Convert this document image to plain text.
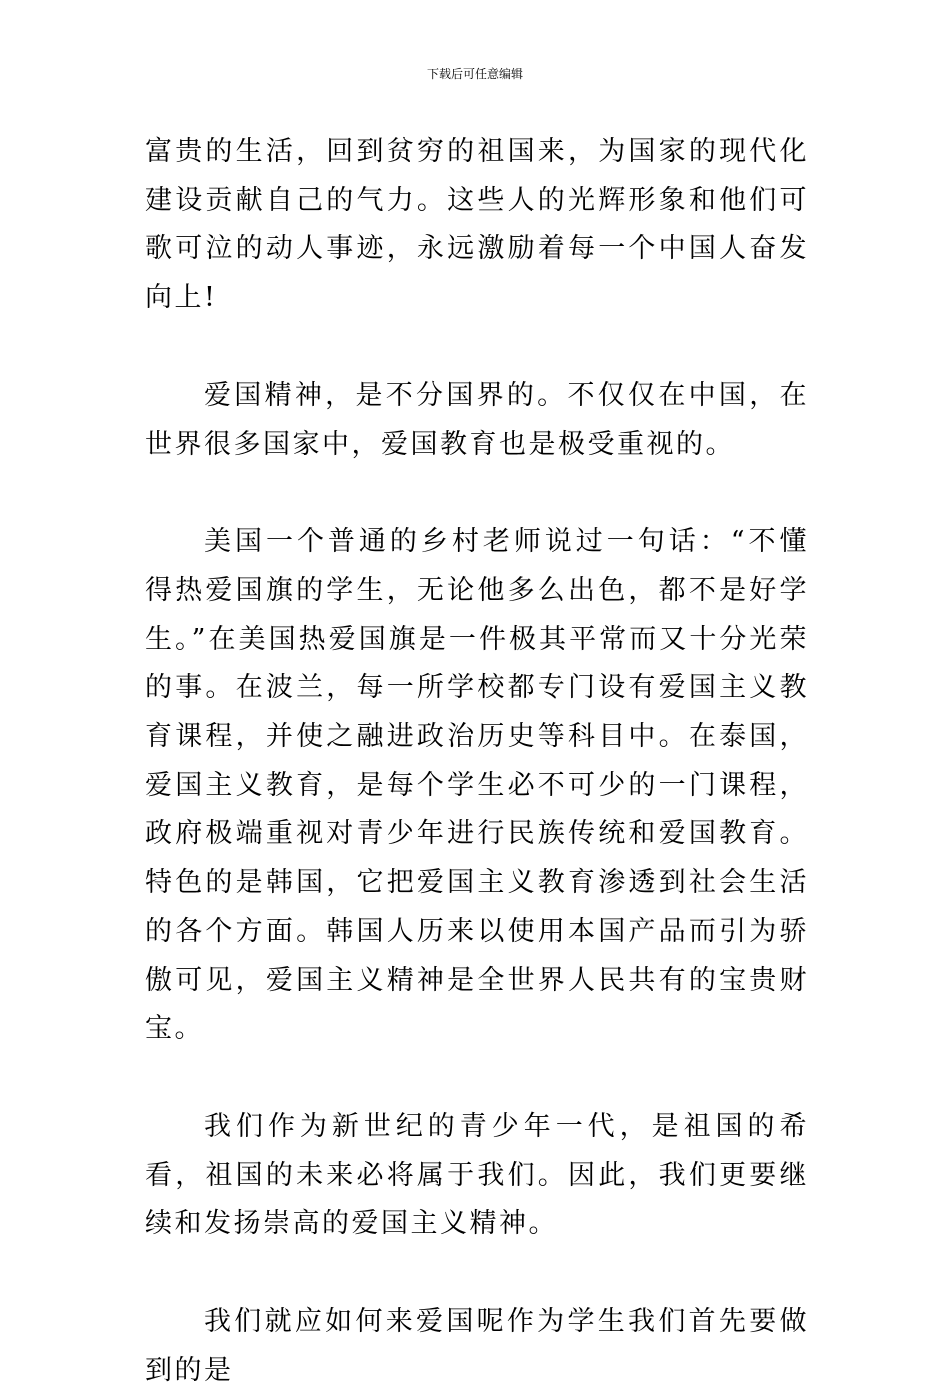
下载后可任意编辑

富贵的生活，回到贫穷的祖国来，为国家的现代化建设贡献自己的气力。这些人的光辉形象和他们可歌可泣的动人事迹，永远激励着每一个中国人奋发向上!

爱国精神，是不分国界的。不仅仅在中国，在世界很多国家中，爱国教育也是极受重视的。

美国一个普通的乡村老师说过一句话：“不懂得热爱国旗的学生，无论他多么出色，都不是好学生。”在美国热爱国旗是一件极其平常而又十分光荣的事。在波兰，每一所学校都专门设有爱国主义教育课程，并使之融进政治历史等科目中。在泰国，爱国主义教育，是每个学生必不可少的一门课程，政府极端重视对青少年进行民族传统和爱国教育。特色的是韩国，它把爱国主义教育渗透到社会生活的各个方面。韩国人历来以使用本国产品而引为骄傲可见，爱国主义精神是全世界人民共有的宝贵财宝。

我们作为新世纪的青少年一代，是祖国的希看，祖国的未来必将属于我们。因此，我们更要继续和发扬崇高的爱国主义精神。

我们就应如何来爱国呢作为学生我们首先要做到的是
